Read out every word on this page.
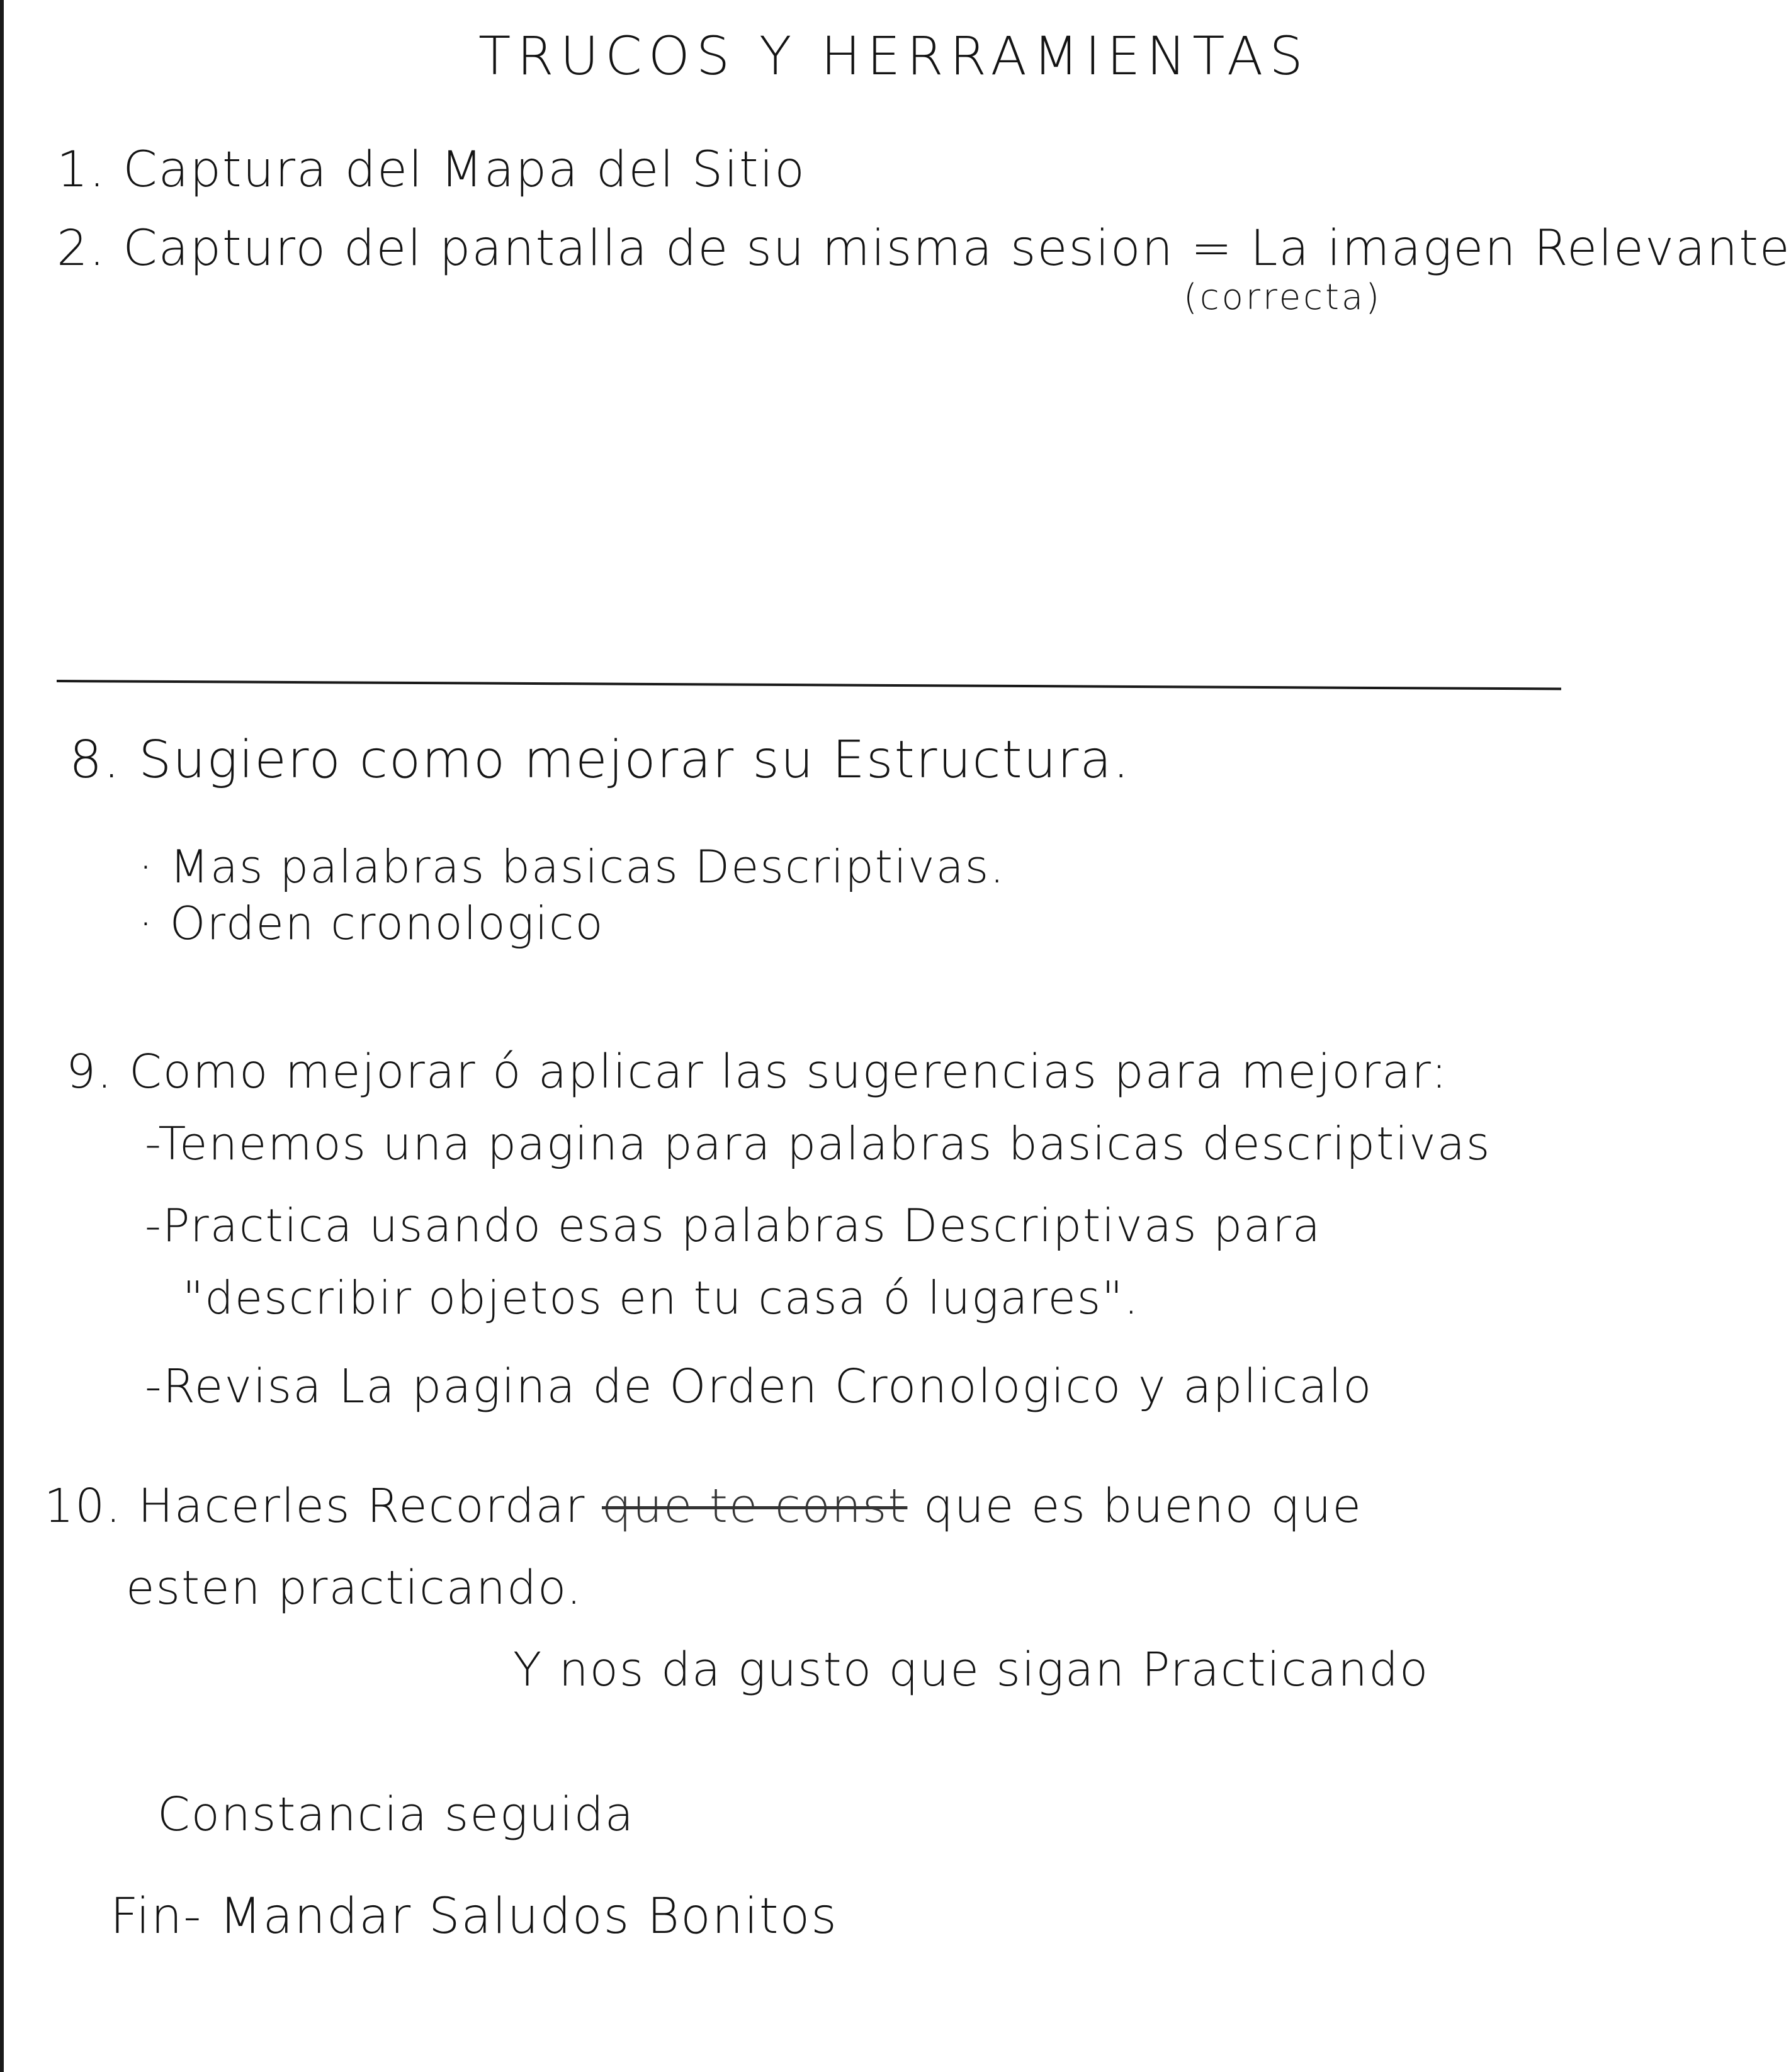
TRUCOS Y HERRAMIENTAS
1. Captura del Mapa del Sitio
2. Capturo del pantalla de su misma sesion = La imagen Relevante
(correcta)
8. Sugiero como mejorar su Estructura.
· Mas palabras basicas Descriptivas.
· Orden cronologico
9. Como mejorar ó aplicar las sugerencias para mejorar:
-Tenemos una pagina para palabras basicas descriptivas
-Practica usando esas palabras Descriptivas para
"describir objetos en tu casa ó lugares".
-Revisa La pagina de Orden Cronologico y aplicalo
10. Hacerles Recordar que te const que es bueno que
esten practicando.
Y nos da gusto que sigan Practicando
Constancia seguida
Fin- Mandar Saludos Bonitos
